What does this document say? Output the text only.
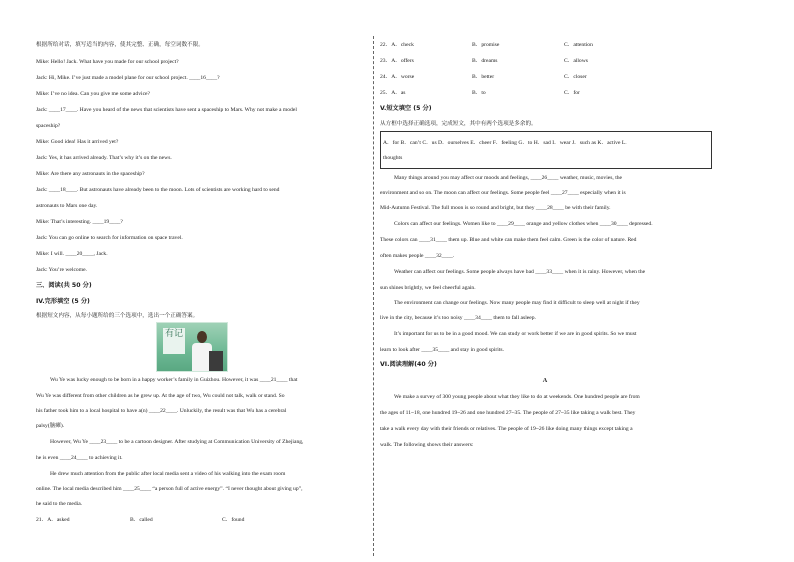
根据所给对话，填写适当的内容，使其完整、正确，每空词数不限。
Mike: Hello! Jack. What have you made for our school project?
Jack: Hi, Mike. I’ve just made a model plane for our school project. ____16____?
Mike: I’ve no idea. Can you give me some advice?
Jack: ____17____. Have you heard of the news that scientists have sent a spaceship to Mars. Why not make a model
spaceship?
Mike: Good idea! Has it arrived yet?
Jack: Yes, it has arrived already. That’s why it’s on the news.
Mike: Are there any astronauts in the spaceship?
Jack: ____18____. But astronauts have already been to the moon. Lots of scientists are working hard to send
astronauts to Mars one day.
Mike: That’s interesting. ____19____?
Jack: You can go online to search for information on space travel.
Mike: I will. ____20____, Jack.
Jack: You’re welcome.
三、阅读(共 50 分)
IV.完形填空 (5 分)
根据短文内容，从每小题所给的三个选项中，选出一个正确答案。
有记
Wu Ye was lucky enough to be born in a happy worker’s family in Guizhou. However, it was ____21____ that
Wu Ye was different from other children as he grew up. At the age of two, Wu could not talk, walk or stand. So
his father took him to a local hospital to have a(n) ____22____. Unluckily, the result was that Wu has a cerebral
palsy(脑瘫).
However, Wu Ye ____23____ to be a cartoon designer. After studying at Communication University of Zhejiang,
he is even ____24____ to achieving it.
He drew much attention from the public after local media sent a video of his walking into the exam room
online. The local media described him ____25____ “a person full of active energy”. “I never thought about giving up”,
he said to the media.
21．A．asked	B．called	C．found
22．A．check	B．promise	C．attention
23．A．offers	B．dreams	C．allows
24．A．worse	B．better	C．closer
25．A．as	B．to	C．for
V.短文填空 (5 分)
从方框中选择正确选项，完成短文，其中有两个选项是多余的。
A．for B．can’t C．us D．ourselves E．cheer F．feeling G．to H．sad I．wear J．such as K．active L.
thoughts
Many things around you may affect our moods and feelings, ____26____ weather, music, movies, the
environment and so on. The moon can affect our feelings. Some people feel ____27____ especially when it is
Mid-Autumn Festival. The full moon is so round and bright, but they ____28____ be with their family.
Colors can affect our feelings. Women like to ____29____ orange and yellow clothes when ____30____ depressed.
These colors can ____31____ them up. Blue and white can make them feel calm. Green is the color of nature. Red
often makes people ____32____.
Weather can affect our feelings. Some people always have bad ____33____ when it is rainy. However, when the
sun shines brightly, we feel cheerful again.
The environment can change our feelings. Now many people may find it difficult to sleep well at night if they
live in the city, because it’s too noisy ____34____ them to fall asleep.
It’s important for us to be in a good mood. We can study or work better if we are in good spirits. So we must
learn to look after ____35____ and stay in good spirits.
VI.阅读理解(40 分)
A
We make a survey of 300 young people about what they like to do at weekends. One hundred people are from
the ages of 11~18, one hundred 19~26 and one hundred 27~35. The people of 27~35 like taking a walk best. They
take a walk every day with their friends or relatives. The people of 19~26 like doing many things except taking a
walk. The following shows their answers:
